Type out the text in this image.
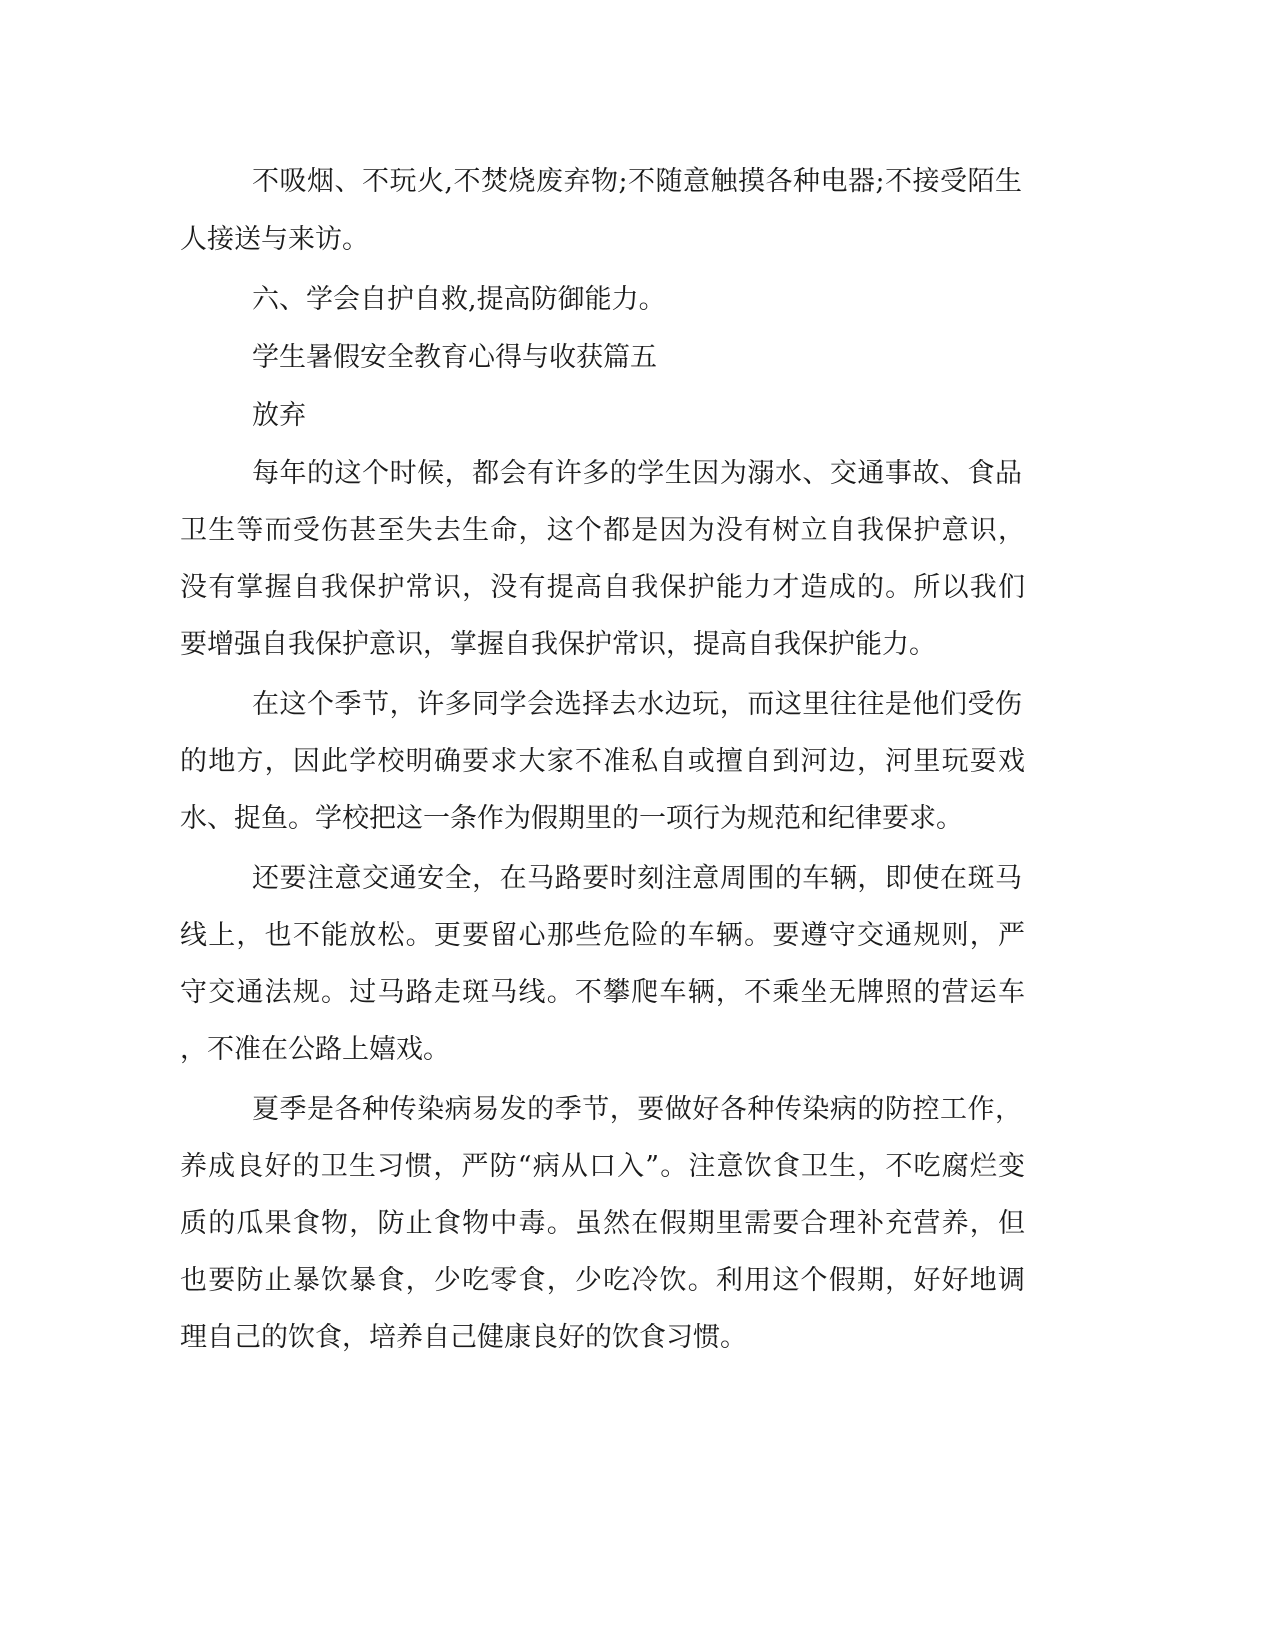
不吸烟、不玩火,不焚烧废弃物;不随意触摸各种电器;不接受陌生
人接送与来访。
六、学会自护自救,提高防御能力。
学生暑假安全教育心得与收获篇五
放弃
每年的这个时候，都会有许多的学生因为溺水、交通事故、食品
卫生等而受伤甚至失去生命，这个都是因为没有树立自我保护意识，
没有掌握自我保护常识，没有提高自我保护能力才造成的。所以我们
要增强自我保护意识，掌握自我保护常识，提高自我保护能力。
在这个季节，许多同学会选择去水边玩，而这里往往是他们受伤
的地方，因此学校明确要求大家不准私自或擅自到河边，河里玩耍戏
水、捉鱼。学校把这一条作为假期里的一项行为规范和纪律要求。
还要注意交通安全，在马路要时刻注意周围的车辆，即使在斑马
线上，也不能放松。更要留心那些危险的车辆。要遵守交通规则，严
守交通法规。过马路走斑马线。不攀爬车辆，不乘坐无牌照的营运车
，不准在公路上嬉戏。
夏季是各种传染病易发的季节，要做好各种传染病的防控工作，
养成良好的卫生习惯，严防“病从口入”。注意饮食卫生，不吃腐烂变
质的瓜果食物，防止食物中毒。虽然在假期里需要合理补充营养，但
也要防止暴饮暴食，少吃零食，少吃冷饮。利用这个假期，好好地调
理自己的饮食，培养自己健康良好的饮食习惯。
